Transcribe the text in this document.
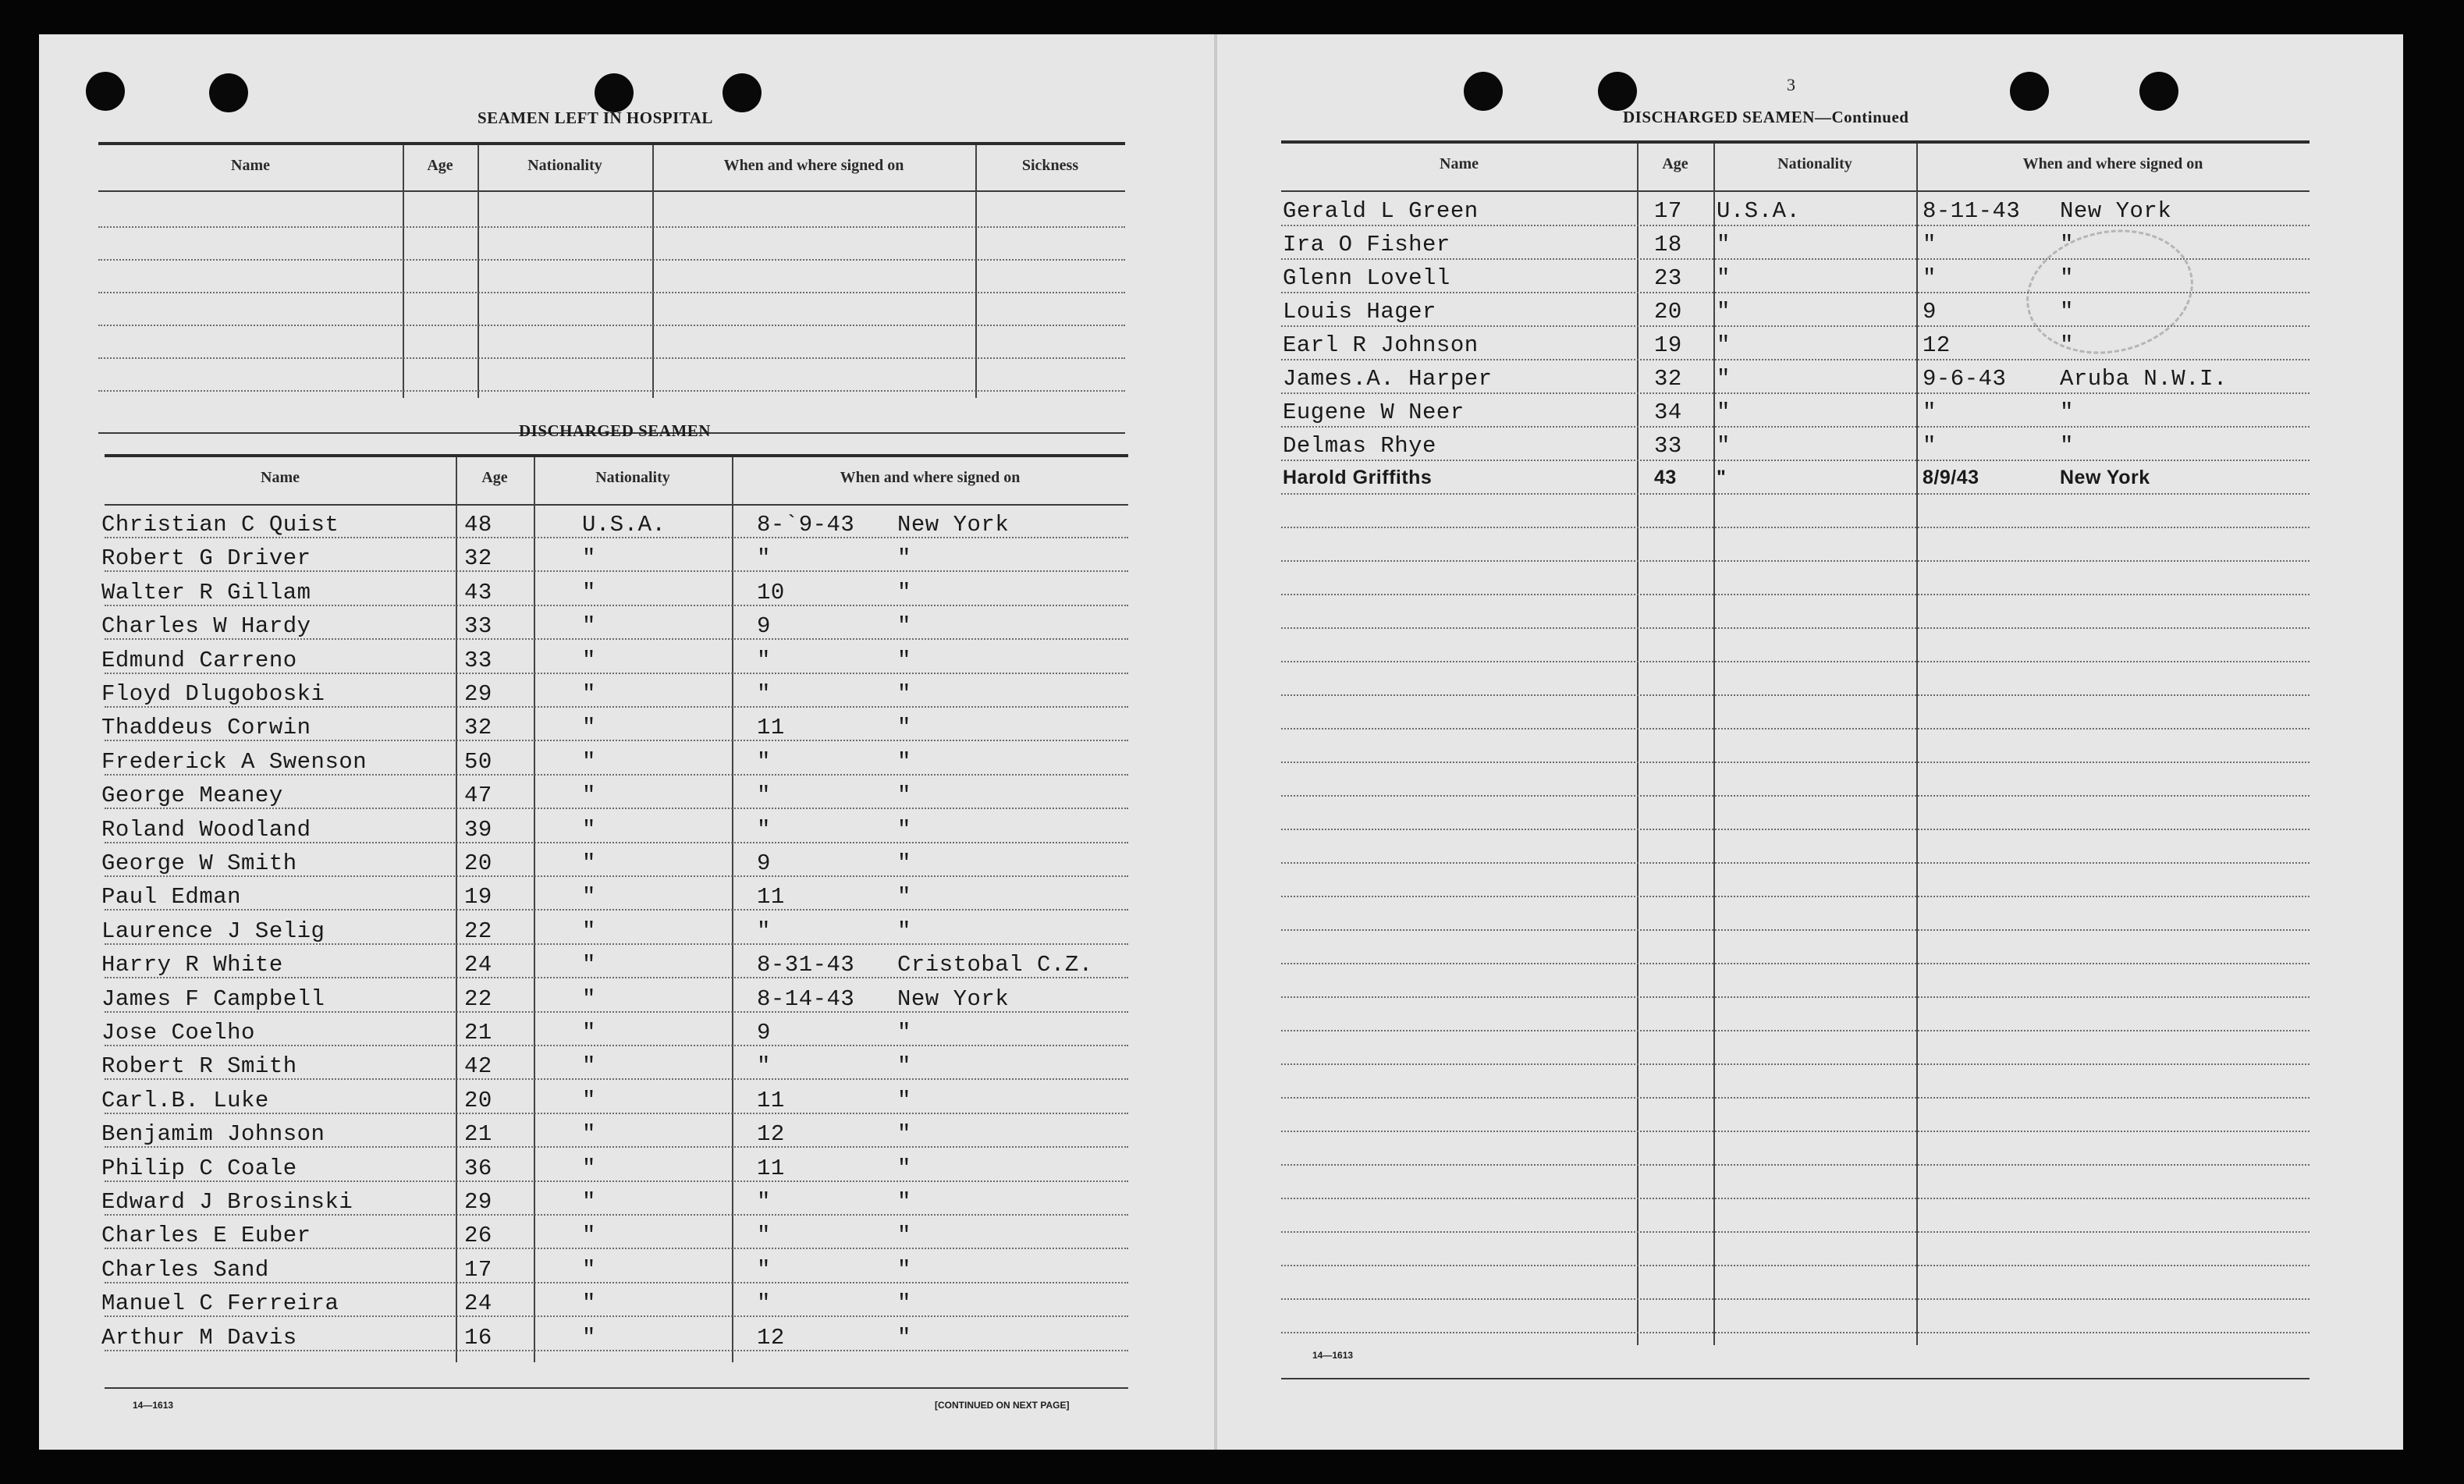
SEAMEN LEFT IN HOSPITAL
Name	Age	Nationality	When and where signed on	Sickness
DISCHARGED SEAMEN
Name	Age	Nationality	When and where signed on
Christian C Quist	48	U.S.A.	8-`9-43 New York
Robert G Driver	32	"	"	"
Walter R Gillam	43	"	10	"
Charles W Hardy	33	"	9	"
Edmund Carreno	33	"	"	"
Floyd Dlugoboski	29	"	"	"
Thaddeus Corwin	32	"	11	"
Frederick A Swenson	50	"	"	"
George Meaney	47	"	"	"
Roland Woodland	39	"	"	"
George W Smith	20	"	9	"
Paul Edman	19	"	11	"
Laurence J Selig	22	"	"	"
Harry R White	24	"	8-31-43 Cristobal C.Z.
James F Campbell	22	"	8-14-43 New York
Jose Coelho	21	"	9	"
Robert R Smith	42	"	"	"
Carl.B. Luke	20	"	11	"
Benjamim Johnson	21	"	12	"
Philip C Coale	36	"	11	"
Edward J Brosinski	29	"	"	"
Charles E Euber	26	"	"	"
Charles Sand	17	"	"	"
Manuel C Ferreira	24	"	"	"
Arthur M Davis	16	"	12	"
14—1613	[CONTINUED ON NEXT PAGE]
3
DISCHARGED SEAMEN—Continued
Name	Age	Nationality	When and where signed on
Gerald L Green	17 U.S.A.	8-11-43 New York
Ira O Fisher	18 "	"	"
Glenn Lovell	23 "	"	"
Louis Hager	20 "	9	"
Earl R Johnson	19 "	12	"
James.A. Harper	32 "	9-6-43 Aruba N.W.I.
Eugene W Neer	34 "	"	"
Delmas Rhye	33 "	"	"
Harold Griffiths	43 "	8/9/43	New York
14—1613
